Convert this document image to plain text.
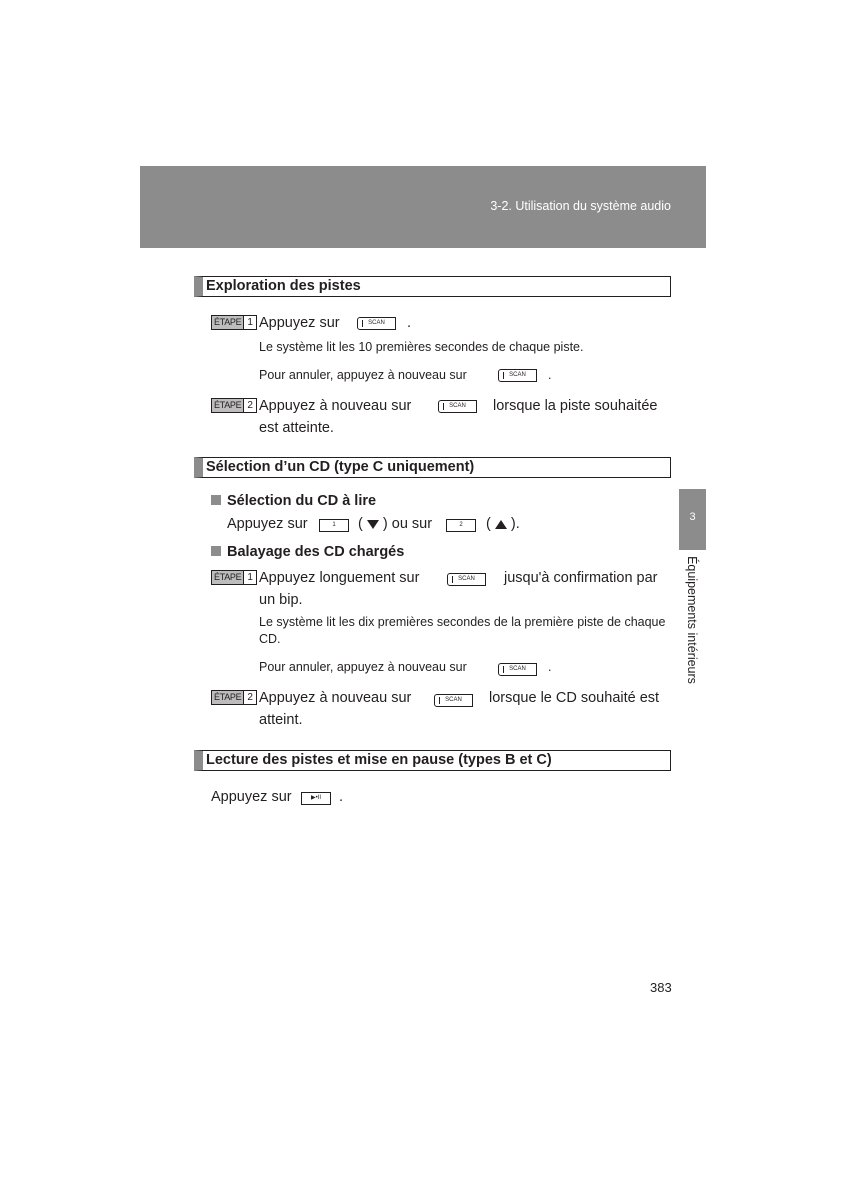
3-2. Utilisation du système audio
3
Équipements intérieurs
Exploration des pistes
ÉTAPE 1 Appuyez sur	SCAN	.
Le système lit les 10 premières secondes de chaque piste.
Pour annuler, appuyez à nouveau sur	SCAN	.
ÉTAPE 2 Appuyez à nouveau sur	SCAN	lorsque la piste souhaitée
est atteinte.
Sélection d’un CD (type C uniquement)
Sélection du CD à lire
Appuyez sur	1	( ) ou sur	2	( ).
Balayage des CD chargés
ÉTAPE 1 Appuyez longuement sur	SCAN	jusqu'à confirmation par
un bip.
Le système lit les dix premières secondes de la première piste de chaque CD.
Pour annuler, appuyez à nouveau sur	SCAN	.
ÉTAPE 2 Appuyez à nouveau sur	SCAN	lorsque le CD souhaité est
atteint.
Lecture des pistes et mise en pause (types B et C)
Appuyez sur	▶•II	.
383
